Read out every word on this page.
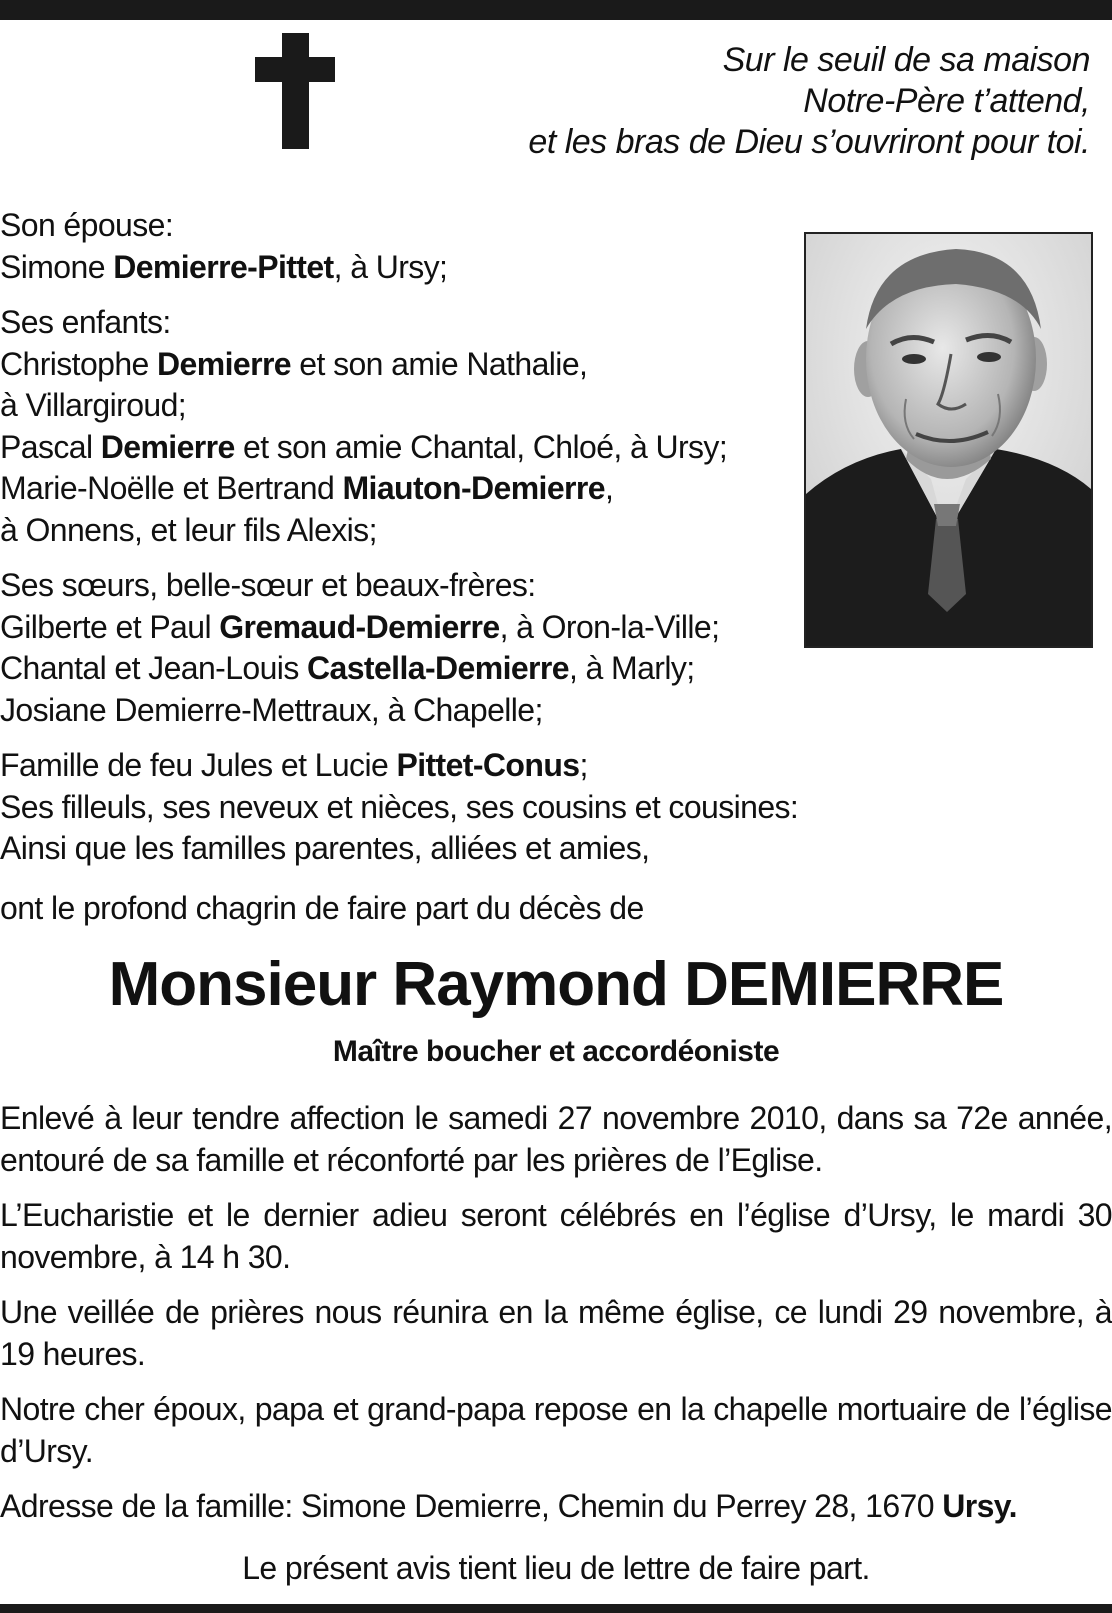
Sur le seuil de sa maison
Notre-Père t’attend,
et les bras de Dieu s’ouvriront pour toi.

Son épouse:
Simone Demierre-Pittet, à Ursy;

Ses enfants:
Christophe Demierre et son amie Nathalie,
à Villargiroud;
Pascal Demierre et son amie Chantal, Chloé, à Ursy;
Marie-Noëlle et Bertrand Miauton-Demierre,
à Onnens, et leur fils Alexis;

Ses sœurs, belle-sœur et beaux-frères:
Gilberte et Paul Gremaud-Demierre, à Oron-la-Ville;
Chantal et Jean-Louis Castella-Demierre, à Marly;
Josiane Demierre-Mettraux, à Chapelle;

Famille de feu Jules et Lucie Pittet-Conus;
Ses filleuls, ses neveux et nièces, ses cousins et cousines:
Ainsi que les familles parentes, alliées et amies,

ont le profond chagrin de faire part du décès de
Monsieur Raymond DEMIERRE
Maître boucher et accordéoniste

Enlevé à leur tendre affection le samedi 27 novembre 2010, dans sa 72e année, entouré de sa famille et réconforté par les prières de l’Eglise.

L’Eucharistie et le dernier adieu seront célébrés en l’église d’Ursy, le mardi 30 novembre, à 14 h 30.

Une veillée de prières nous réunira en la même église, ce lundi 29 novembre, à 19 heures.

Notre cher époux, papa et grand-papa repose en la chapelle mortuaire de l’église d’Ursy.

Adresse de la famille: Simone Demierre, Chemin du Perrey 28, 1670 Ursy.

Le présent avis tient lieu de lettre de faire part.
